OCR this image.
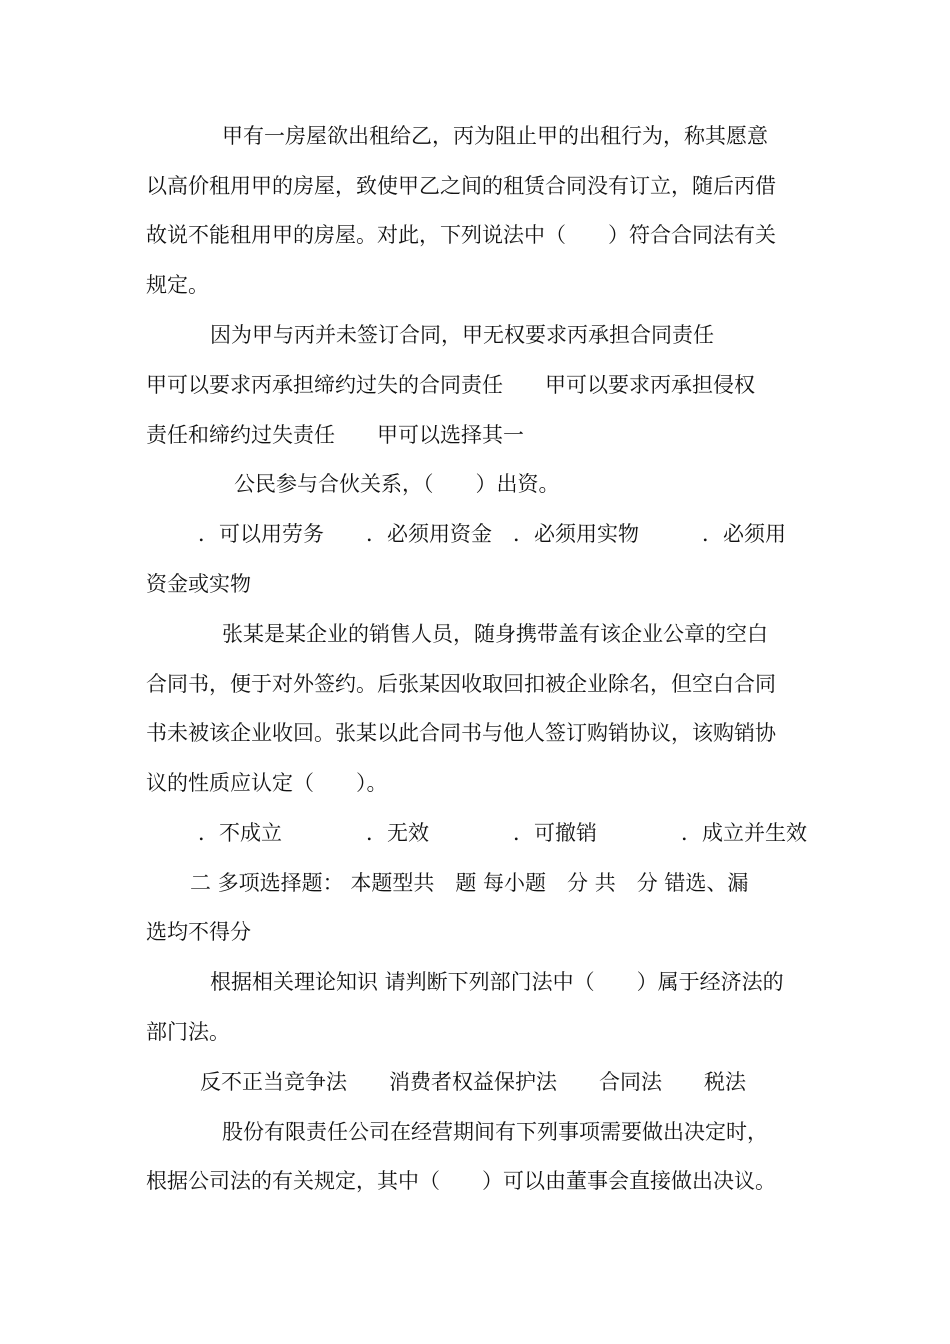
甲有一房屋欲出租给乙，丙为阻止甲的出租行为，称其愿意
以高价租用甲的房屋，致使甲乙之间的租赁合同没有订立，随后丙借
故说不能租用甲的房屋。对此，下列说法中（　　）符合合同法有关
规定。
因为甲与丙并未签订合同，甲无权要求丙承担合同责任
甲可以要求丙承担缔约过失的合同责任　　甲可以要求丙承担侵权
责任和缔约过失责任　　甲可以选择其一
公民参与合伙关系，（　　）出资。
．可以用劳务　　．必须用资金　．必须用实物　　　．必须用
资金或实物
张某是某企业的销售人员，随身携带盖有该企业公章的空白
合同书，便于对外签约。后张某因收取回扣被企业除名，但空白合同
书未被该企业收回。张某以此合同书与他人签订购销协议，该购销协
议的性质应认定（　　）。
．不成立　　　　．无效　　　　．可撤销　　　　．成立并生效
二 多项选择题： 本题型共　题 每小题　分 共　分 错选、漏
选均不得分
根据相关理论知识 请判断下列部门法中（　　）属于经济法的
部门法。
反不正当竞争法　　消费者权益保护法　　合同法　　税法
股份有限责任公司在经营期间有下列事项需要做出决定时，
根据公司法的有关规定，其中（　　）可以由董事会直接做出决议。
